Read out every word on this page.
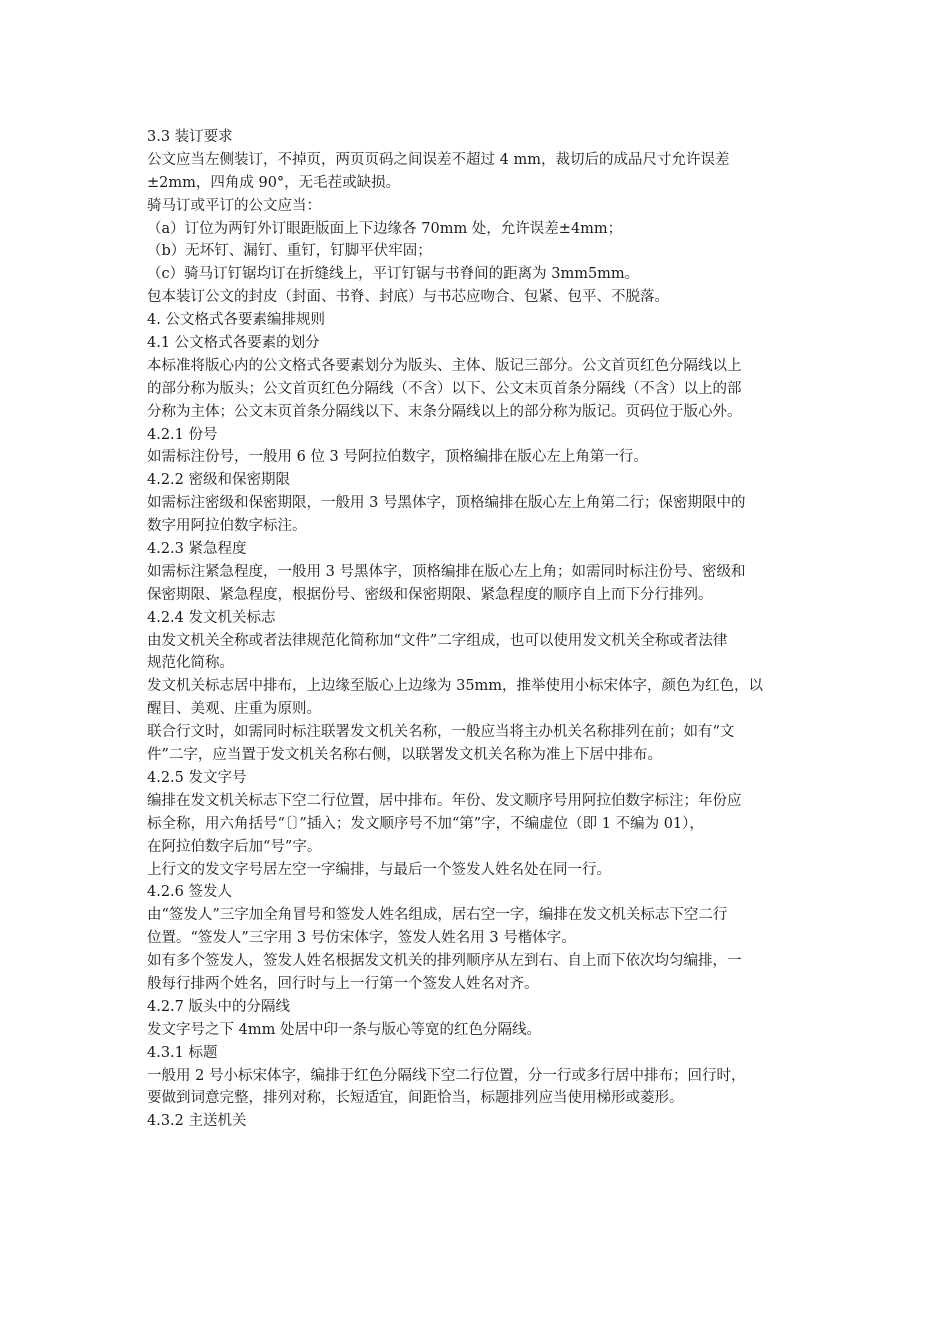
3.3 装订要求
公文应当左侧装订，不掉页，两页页码之间误差不超过 4 mm，裁切后的成品尺寸允许误差
±2mm，四角成 90°，无毛茬或缺损。
骑马订或平订的公文应当：
（a）订位为两钉外订眼距版面上下边缘各 70mm 处，允许误差±4mm；
（b）无坏钉、漏钉、重钉，钉脚平伏牢固；
（c）骑马订钉锯均订在折缝线上，平订钉锯与书脊间的距离为 3mm5mm。
包本装订公文的封皮（封面、书脊、封底）与书芯应吻合、包紧、包平、不脱落。
4. 公文格式各要素编排规则
4.1 公文格式各要素的划分
本标准将版心内的公文格式各要素划分为版头、主体、版记三部分。公文首页红色分隔线以上
的部分称为版头；公文首页红色分隔线（不含）以下、公文末页首条分隔线（不含）以上的部
分称为主体；公文末页首条分隔线以下、末条分隔线以上的部分称为版记。页码位于版心外。
4.2.1 份号
如需标注份号，一般用 6 位 3 号阿拉伯数字，顶格编排在版心左上角第一行。
4.2.2 密级和保密期限
如需标注密级和保密期限，一般用 3 号黑体字，顶格编排在版心左上角第二行；保密期限中的
数字用阿拉伯数字标注。
4.2.3 紧急程度
如需标注紧急程度，一般用 3 号黑体字，顶格编排在版心左上角；如需同时标注份号、密级和
保密期限、紧急程度，根据份号、密级和保密期限、紧急程度的顺序自上而下分行排列。
4.2.4 发文机关标志
由发文机关全称或者法律规范化简称加“文件”二字组成，也可以使用发文机关全称或者法律
规范化简称。
发文机关标志居中排布，上边缘至版心上边缘为 35mm，推举使用小标宋体字，颜色为红色，以
醒目、美观、庄重为原则。
联合行文时，如需同时标注联署发文机关名称，一般应当将主办机关名称排列在前；如有“文
件”二字，应当置于发文机关名称右侧，以联署发文机关名称为准上下居中排布。
4.2.5 发文字号
编排在发文机关标志下空二行位置，居中排布。年份、发文顺序号用阿拉伯数字标注；年份应
标全称，用六角括号“〔〕”插入；发文顺序号不加“第”字，不编虚位（即 1 不编为 01），
在阿拉伯数字后加“号”字。
上行文的发文字号居左空一字编排，与最后一个签发人姓名处在同一行。
4.2.6 签发人
由“签发人”三字加全角冒号和签发人姓名组成，居右空一字，编排在发文机关标志下空二行
位置。“签发人”三字用 3 号仿宋体字，签发人姓名用 3 号楷体字。
如有多个签发人，签发人姓名根据发文机关的排列顺序从左到右、自上而下依次均匀编排，一
般每行排两个姓名，回行时与上一行第一个签发人姓名对齐。
4.2.7 版头中的分隔线
发文字号之下 4mm 处居中印一条与版心等宽的红色分隔线。
4.3.1 标题
一般用 2 号小标宋体字，编排于红色分隔线下空二行位置，分一行或多行居中排布；回行时，
要做到词意完整，排列对称，长短适宜，间距恰当，标题排列应当使用梯形或菱形。
4.3.2 主送机关
